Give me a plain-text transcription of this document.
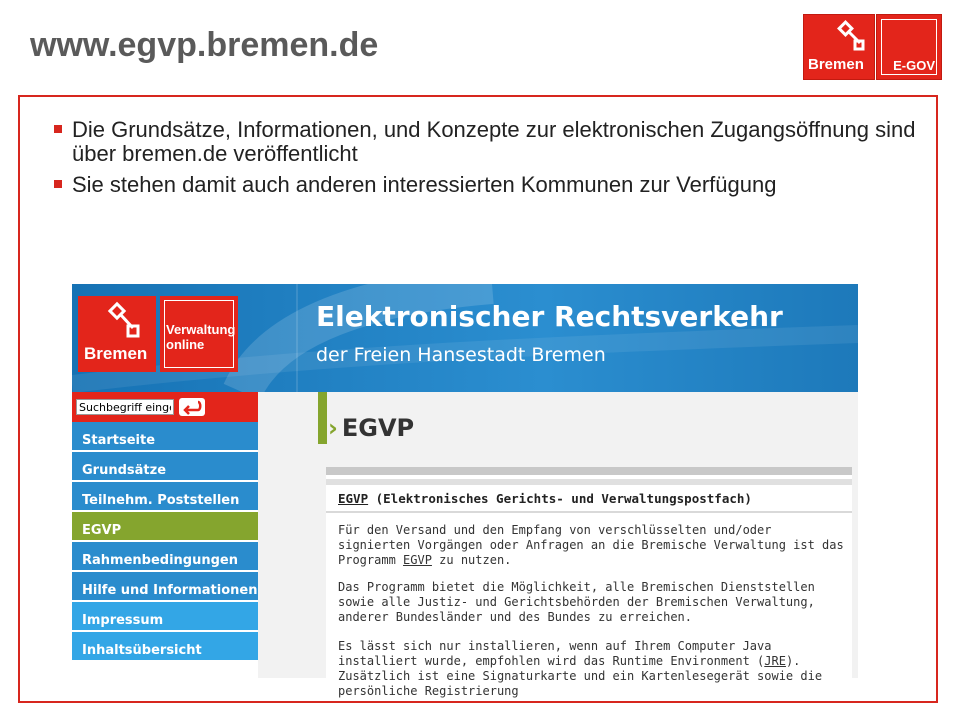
www.egvp.bremen.de
Bremen E-GOV
Die Grundsätze, Informationen, und Konzepte zur elektronischen Zugangsöffnung sind über bremen.de veröffentlicht
Sie stehen damit auch anderen interessierten Kommunen zur Verfügung
Bremen
Verwaltung online
Elektronischer Rechtsverkehr
der Freien Hansestadt Bremen
Suchbegriff eingeben
Startseite
Grundsätze
Teilnehm. Poststellen
EGVP
Rahmenbedingungen
Hilfe und Informationen
Impressum
Inhaltsübersicht
› EGVP
EGVP (Elektronisches Gerichts- und Verwaltungspostfach)
Für den Versand und den Empfang von verschlüsselten und/oder signierten Vorgängen oder Anfragen an die Bremische Verwaltung ist das Programm EGVP zu nutzen.
Das Programm bietet die Möglichkeit, alle Bremischen Dienststellen sowie alle Justiz- und Gerichtsbehörden der Bremischen Verwaltung, anderer Bundesländer und des Bundes zu erreichen.
Es lässt sich nur installieren, wenn auf Ihrem Computer Java installiert wurde, empfohlen wird das Runtime Environment (JRE). Zusätzlich ist eine Signaturkarte und ein Kartenlesegerät sowie die persönliche Registrierung
